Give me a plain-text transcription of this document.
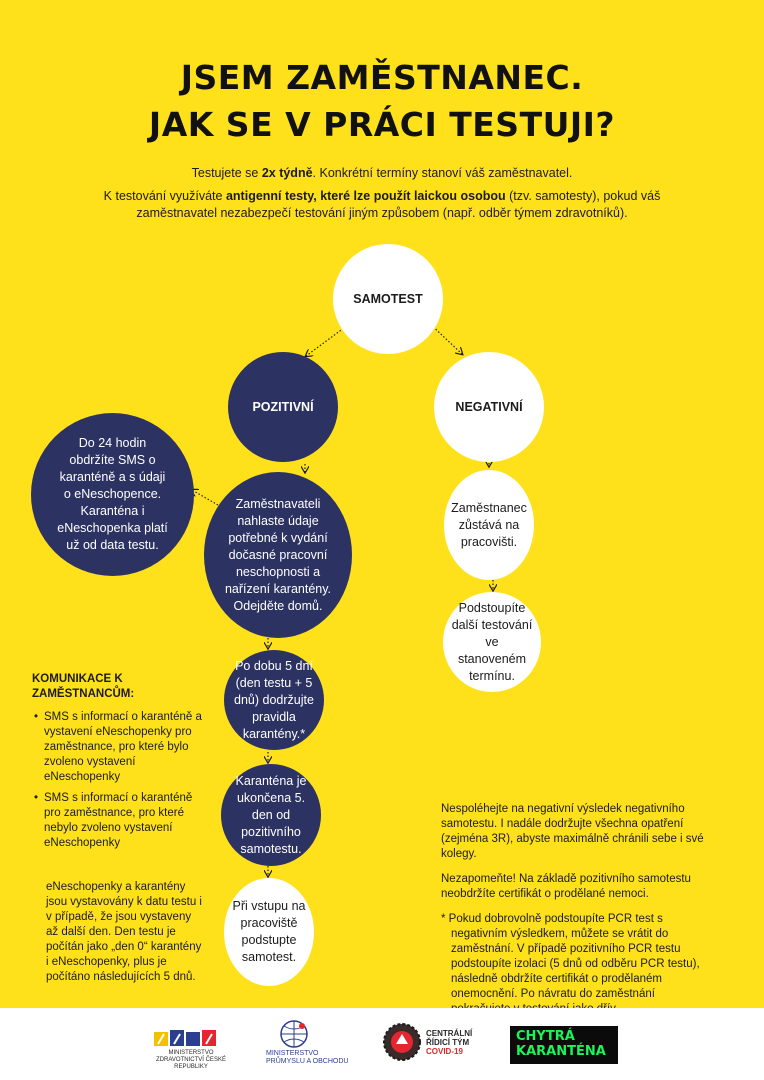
JSEM ZAMĚSTNANEC.
JAK SE V PRÁCI TESTUJI?
Testujete se 2x týdně. Konkrétní termíny stanoví váš zaměstnavatel.
K testování využíváte antigenní testy, které lze použít laickou osobou (tzv. samotesty), pokud váš zaměstnavatel nezabezpečí testování jiným způsobem (např. odběr týmem zdravotníků).
SAMOTEST
POZITIVNÍ	NEGATIVNÍ
Do 24 hodin obdržíte SMS o karanténě a s údaji o eNeschopence. Karanténa i eNeschopenka platí už od data testu.
Zaměstnavateli nahlaste údaje potřebné k vydání dočasné pracovní neschopnosti a nařízení karantény. Odejděte domů.
Zaměstnanec zůstává na pracovišti.
Podstoupíte další testování ve stanoveném termínu.
Po dobu 5 dní (den testu + 5 dnů) dodržujte pravidla karantény.*
Karanténa je ukončena 5. den od pozitivního samotestu.
Při vstupu na pracoviště podstupte samotest.
KOMUNIKACE K ZAMĚSTNANCŮM:
• SMS s informací o karanténě a vystavení eNeschopenky pro zaměstnance, pro které bylo zvoleno vystavení eNeschopenky
• SMS s informací o karanténě pro zaměstnance, pro které nebylo zvoleno vystavení eNeschopenky
eNeschopenky a karantény jsou vystavovány k datu testu i v případě, že jsou vystaveny až další den. Den testu je počítán jako „den 0“ karantény i eNeschopenky, plus je počítáno následujících 5 dnů.

Nespoléhejte na negativní výsledek negativního samotestu. I nadále dodržujte všechna opatření (zejména 3R), abyste maximálně chránili sebe i své kolegy.

Nezapomeňte! Na základě pozitivního samotestu neobdržíte certifikát o prodělané nemoci.

* Pokud dobrovolně podstoupíte PCR test s negativním výsledkem, můžete se vrátit do zaměstnání. V případě pozitivního PCR testu podstoupíte izolaci (5 dnů od odběru PCR testu), následně obdržíte certifikát o prodělaném onemocnění. Po návratu do zaměstnání

MINISTERSTVO ZDRAVOTNICTVÍ ČESKÉ REPUBLIKY
MINISTERSTVO
PRŮMYSLU A OBCHODU
CENTRÁLNÍ
ŘÍDICÍ TÝM
COVID-19
CHYTRÁ KARANTÉNA
